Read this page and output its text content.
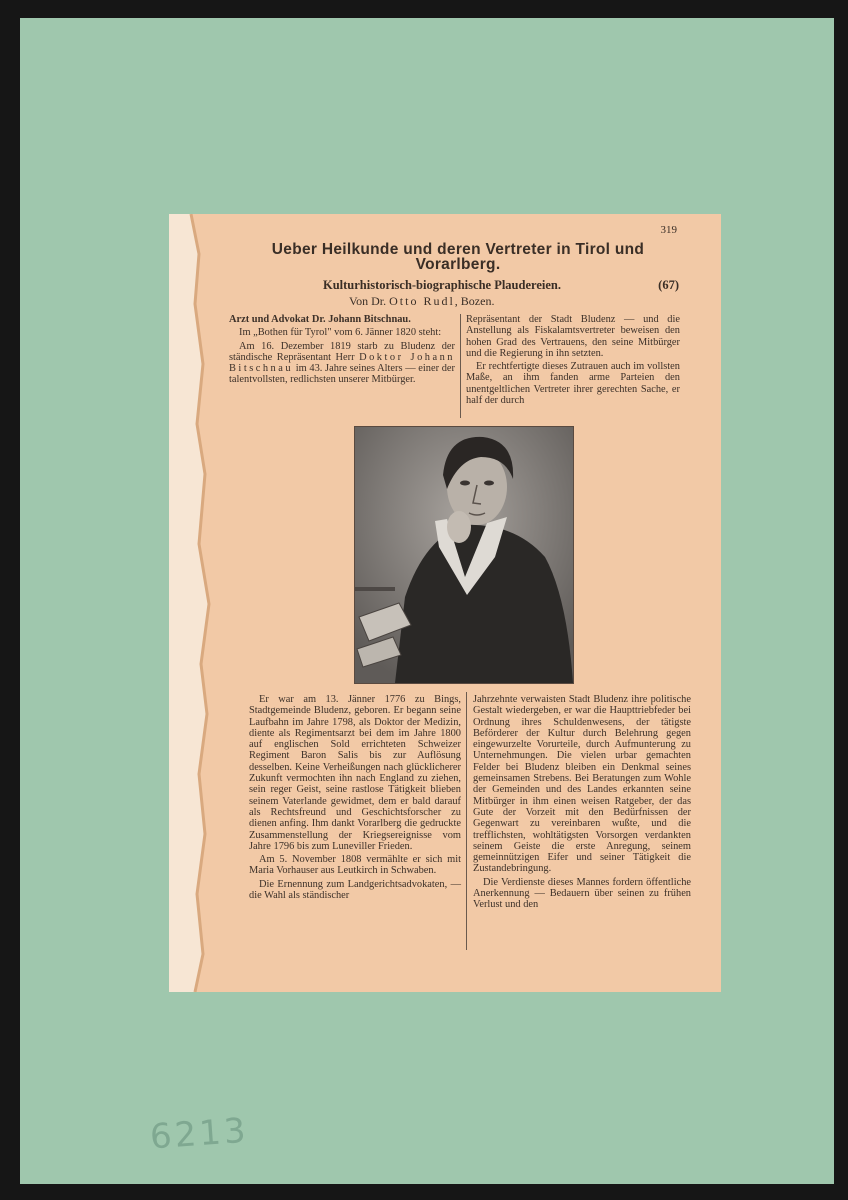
319
Ueber Heilkunde und deren Vertreter in Tirol und Vorarlberg.
Kulturhistorisch-biographische Plaudereien.	(67)
Von Dr. Otto Rudl, Bozen.

Arzt und Advokat Dr. Johann Bitschnau.

Im „Bothen für Tyrol" vom 6. Jänner 1820 steht:

Am 16. Dezember 1819 starb zu Bludenz der ständische Repräsentant Herr Doktor Johann Bitschnau im 43. Jahre seines Alters — einer der talentvollsten, redlichsten unserer Mitbürger.

Repräsentant der Stadt Bludenz — und die Anstellung als Fiskalamtsvertreter beweisen den hohen Grad des Vertrauens, den seine Mitbürger und die Regierung in ihn setzten.

Er rechtfertigte dieses Zutrauen auch im vollsten Maße, an ihm fanden arme Parteien den unentgeltlichen Vertreter ihrer gerechten Sache, er half der durch

Er war am 13. Jänner 1776 zu Bings, Stadtgemeinde Bludenz, geboren. Er begann seine Laufbahn im Jahre 1798, als Doktor der Medizin, diente als Regimentsarzt bei dem im Jahre 1800 auf englischen Sold errichteten Schweizer Regiment Baron Salis bis zur Auflösung desselben. Keine Verheißungen nach glücklicherer Zukunft vermochten ihn nach England zu ziehen, sein reger Geist, seine rastlose Tätigkeit blieben seinem Vaterlande gewidmet, dem er bald darauf als Rechtsfreund und Geschichtsforscher zu dienen anfing. Ihm dankt Vorarlberg die gedruckte Zusammenstellung der Kriegsereignisse vom Jahre 1796 bis zum Luneviller Frieden.

Am 5. November 1808 vermählte er sich mit Maria Vorhauser aus Leutkirch in Schwaben.

Die Ernennung zum Landgerichtsadvokaten, — die Wahl als ständischer

Jahrzehnte verwaisten Stadt Bludenz ihre politische Gestalt wiedergeben, er war die Haupttriebfeder bei Ordnung ihres Schuldenwesens, der tätigste Beförderer der Kultur durch Belehrung gegen eingewurzelte Vorurteile, durch Aufmunterung zu Unternehmungen. Die vielen urbar gemachten Felder bei Bludenz bleiben ein Denkmal seines gemeinsamen Strebens. Bei Beratungen zum Wohle der Gemeinden und des Landes erkannten seine Mitbürger in ihm einen weisen Ratgeber, der das Gute der Vorzeit mit den Bedürfnissen der Gegenwart zu vereinbaren wußte, und die trefflichsten, wohltätigsten Vorsorgen verdankten seinem Geiste die erste Anregung, seinem gemeinnützigen Eifer und seiner Tätigkeit die Zustandebringung.

Die Verdienste dieses Mannes fordern öffentliche Anerkennung — Bedauern über seinen zu frühen Verlust und den

6213
